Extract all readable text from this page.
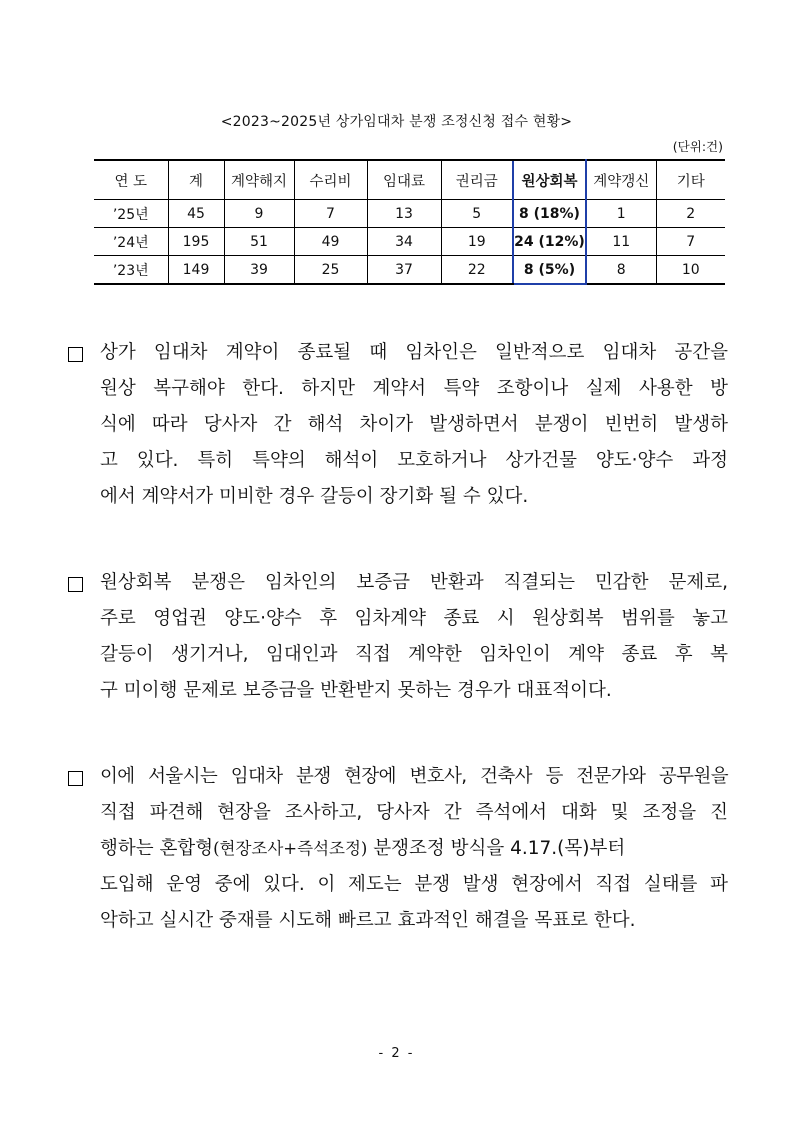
<2023~2025년 상가임대차 분쟁 조정신청 접수 현황>
(단위:건)
연 도	계	계약해지	수리비	임대료	권리금	원상회복	계약갱신	기타
’25년	45	9	7	13	5	8 (18%)	1	2
’24년	195	51	49	34	19	24 (12%)	11	7
’23년	149	39	25	37	22	8 (5%)	8	10
상가 임대차 계약이 종료될 때 임차인은 일반적으로 임대차 공간을
원상 복구해야 한다. 하지만 계약서 특약 조항이나 실제 사용한 방
식에 따라 당사자 간 해석 차이가 발생하면서 분쟁이 빈번히 발생하
고 있다. 특히 특약의 해석이 모호하거나 상가건물 양도·양수 과정
에서 계약서가 미비한 경우 갈등이 장기화 될 수 있다.
원상회복 분쟁은 임차인의 보증금 반환과 직결되는 민감한 문제로,
주로 영업권 양도·양수 후 임차계약 종료 시 원상회복 범위를 놓고
갈등이 생기거나, 임대인과 직접 계약한 임차인이 계약 종료 후 복
구 미이행 문제로 보증금을 반환받지 못하는 경우가 대표적이다.
이에 서울시는 임대차 분쟁 현장에 변호사, 건축사 등 전문가와 공무원을
직접 파견해 현장을 조사하고, 당사자 간 즉석에서 대화 및 조정을 진
행하는 혼합형(현장조사+즉석조정) 분쟁조정 방식을 4.17.(목)부터
도입해 운영 중에 있다. 이 제도는 분쟁 발생 현장에서 직접 실태를 파
악하고 실시간 중재를 시도해 빠르고 효과적인 해결을 목표로 한다.
- 2 -
